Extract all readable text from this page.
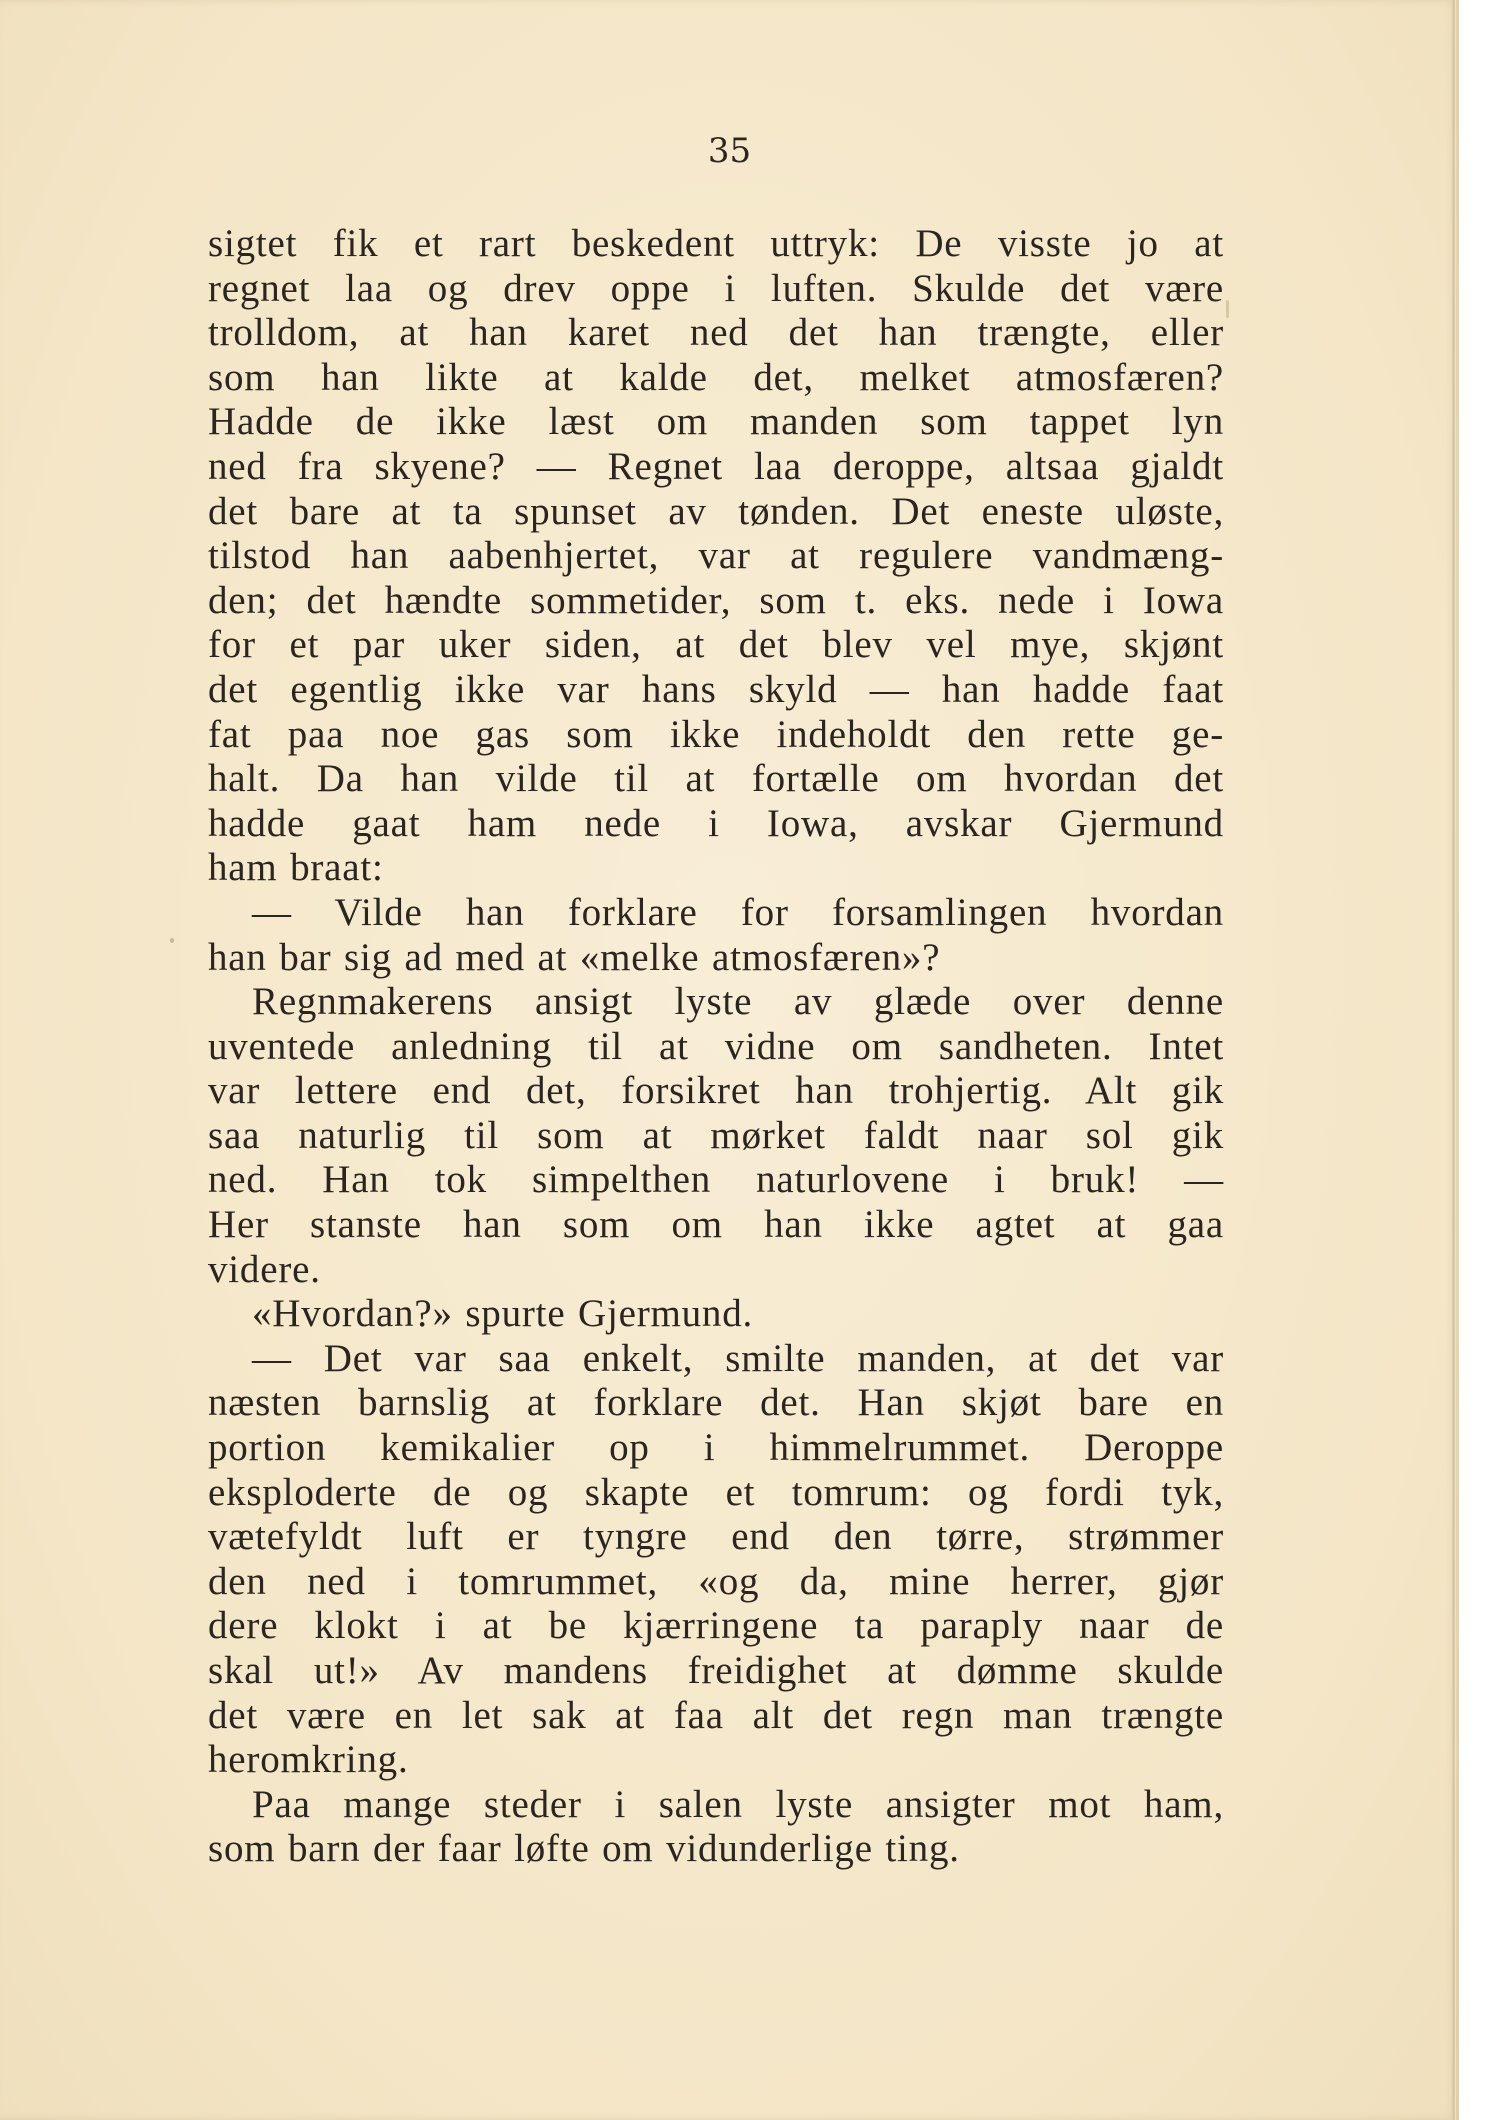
35

sigtet fik et rart beskedent uttryk: De visste jo at
regnet laa og drev oppe i luften. Skulde det være
trolldom, at han karet ned det han trængte, eller
som han likte at kalde det, melket atmosfæren?
Hadde de ikke læst om manden som tappet lyn
ned fra skyene? — Regnet laa deroppe, altsaa gjaldt
det bare at ta spunset av tønden. Det eneste uløste,
tilstod han aabenhjertet, var at regulere vandmæng-
den; det hændte sommetider, som t. eks. nede i Iowa
for et par uker siden, at det blev vel mye, skjønt
det egentlig ikke var hans skyld — han hadde faat
fat paa noe gas som ikke indeholdt den rette ge-
halt. Da han vilde til at fortælle om hvordan det
hadde gaat ham nede i Iowa, avskar Gjermund
ham braat:
— Vilde han forklare for forsamlingen hvordan
han bar sig ad med at «melke atmosfæren»?
Regnmakerens ansigt lyste av glæde over denne
uventede anledning til at vidne om sandheten. Intet
var lettere end det, forsikret han trohjertig. Alt gik
saa naturlig til som at mørket faldt naar sol gik
ned. Han tok simpelthen naturlovene i bruk! —
Her stanste han som om han ikke agtet at gaa
videre.
«Hvordan?» spurte Gjermund.
— Det var saa enkelt, smilte manden, at det var
næsten barnslig at forklare det. Han skjøt bare en
portion kemikalier op i himmelrummet. Deroppe
eksploderte de og skapte et tomrum: og fordi tyk,
vætefyldt luft er tyngre end den tørre, strømmer
den ned i tomrummet, «og da, mine herrer, gjør
dere klokt i at be kjærringene ta paraply naar de
skal ut!» Av mandens freidighet at dømme skulde
det være en let sak at faa alt det regn man trængte
heromkring.
Paa mange steder i salen lyste ansigter mot ham,
som barn der faar løfte om vidunderlige ting.
